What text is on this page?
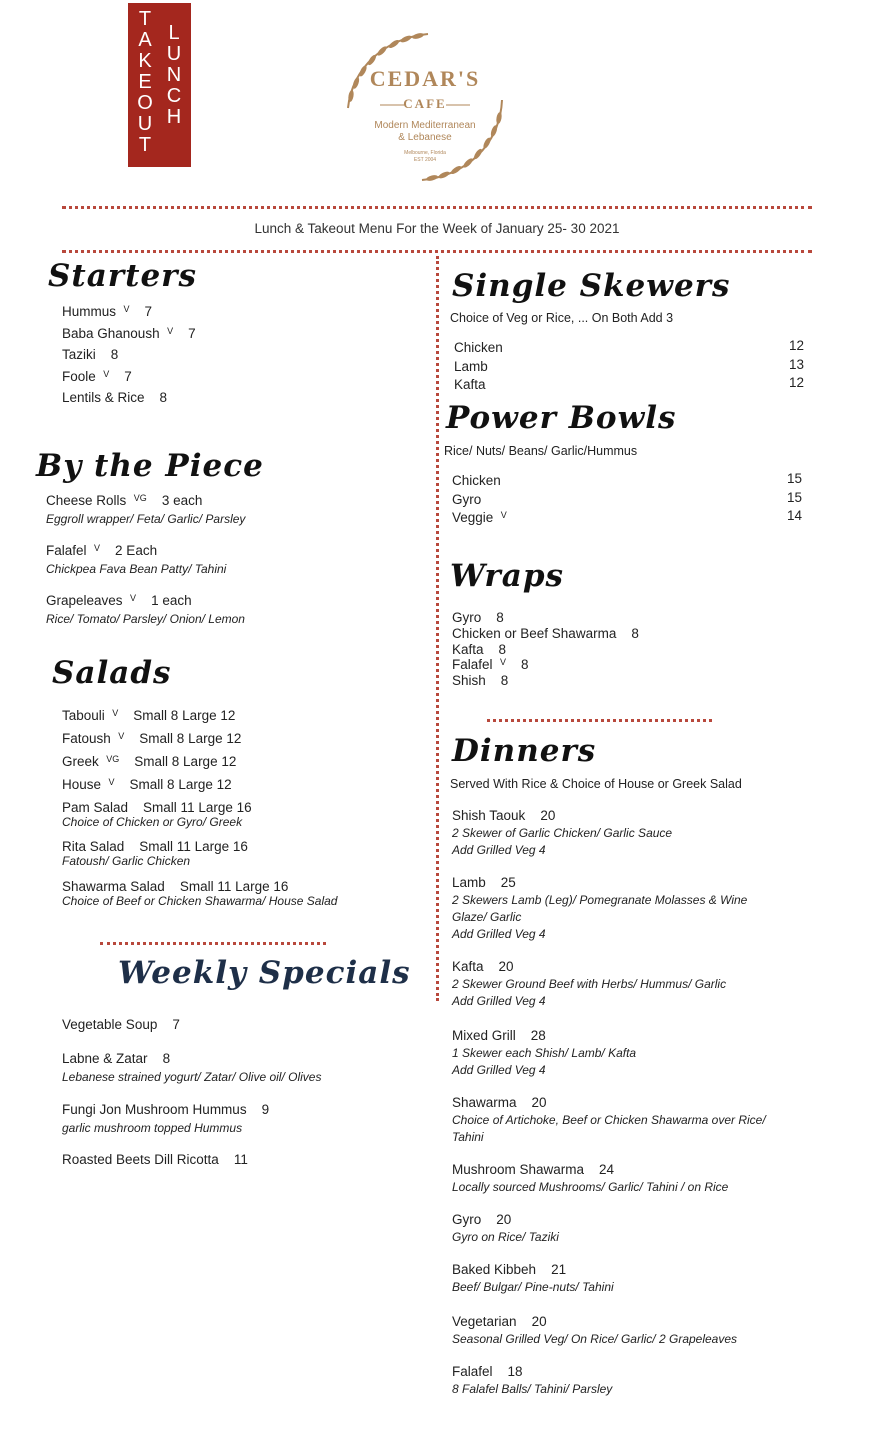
TAKEOUT
LUNCH
CEDAR'S
CAFE
Modern Mediterranean
& Lebanese
Melbourne, Florida
EST 2004
Lunch & Takeout Menu For the Week of January 25- 30 2021
Starters
Hummus   $^V$    7
Baba Ghanoush   $^V$    7
Taziki    8
Foole   $^V$    7
Lentils & Rice    8
By the Piece
Cheese Rolls   $^{VG}$    3 each
Eggroll wrapper/ Feta/ Garlic/ Parsley
Falafel   $^V$    2 Each
Chickpea Fava Bean Patty/ Tahini
Grapeleaves   $^V$    1 each
Rice/ Tomato/ Parsley/ Onion/ Lemon
Salads
Tabouli   $^V$    Small 8 Large 12
Fatoush   $^V$    Small 8 Large 12
Greek   $^{VG}$    Small 8 Large 12
House   $^V$    Small 8 Large 12
Pam Salad    Small 11 Large 16
Choice of Chicken or Gyro/ Greek
Rita Salad    Small 11 Large 16
Fatoush/ Garlic Chicken
Shawarma Salad    Small 11 Large 16
Choice of Beef or Chicken Shawarma/ House Salad
Weekly Specials
Vegetable Soup    7
Labne & Zatar    8
Lebanese strained yogurt/ Zatar/ Olive oil/ Olives
Fungi Jon Mushroom Hummus    9
garlic mushroom topped Hummus
Roasted Beets Dill Ricotta    11
Single Skewers
Choice of Veg or Rice, ... On Both Add 3
Chicken	12
Lamb	13
Kafta	12
Power Bowls
Rice/ Nuts/ Beans/ Garlic/Hummus
Chicken	15
Gyro	15
Veggie   $^V$	14
Wraps
Gyro    8
Chicken or Beef Shawarma    8
Kafta    8
Falafel   $^V$    8
Shish    8
Dinners
Served With Rice & Choice of House or Greek Salad
Shish Taouk    20
2 Skewer of Garlic Chicken/ Garlic Sauce
Add Grilled Veg 4
Lamb    25
2 Skewers Lamb (Leg)/ Pomegranate Molasses & Wine
Glaze/ Garlic
Add Grilled Veg 4
Kafta    20
2 Skewer Ground Beef with Herbs/ Hummus/ Garlic
Add Grilled Veg 4
Mixed Grill    28
1 Skewer each Shish/ Lamb/ Kafta
Add Grilled Veg 4
Shawarma    20
Choice of Artichoke, Beef or Chicken Shawarma over Rice/
Tahini
Mushroom Shawarma    24
Locally sourced Mushrooms/ Garlic/ Tahini / on Rice
Gyro    20
Gyro on Rice/ Taziki
Baked Kibbeh    21
Beef/ Bulgar/ Pine-nuts/ Tahini
Vegetarian    20
Seasonal Grilled Veg/ On Rice/ Garlic/ 2 Grapeleaves
Falafel    18
8 Falafel Balls/ Tahini/ Parsley
